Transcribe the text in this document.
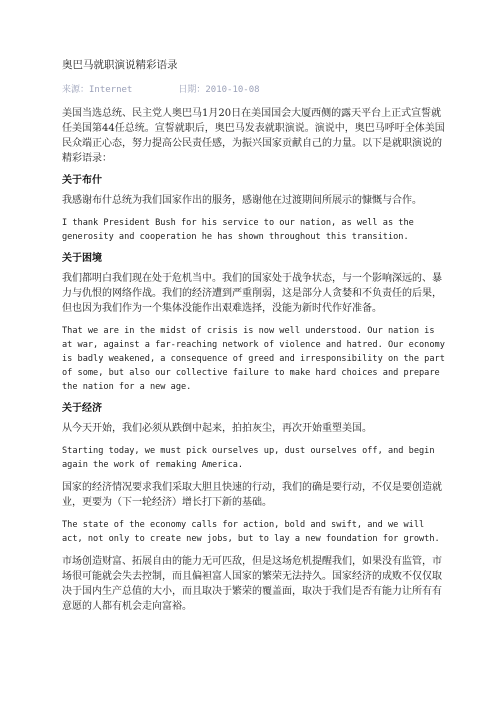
奥巴马就职演说精彩语录
来源：Internet	日期：2010-10-08

美国当选总统、民主党人奥巴马1月20日在美国国会大厦西侧的露天平台上正式宣誓就任美国第44任总统。宣誓就职后，奥巴马发表就职演说。演说中，奥巴马呼吁全体美国民众端正心态，努力提高公民责任感，为振兴国家贡献自己的力量。以下是就职演说的精彩语录：

关于布什

我感谢布什总统为我们国家作出的服务，感谢他在过渡期间所展示的慷慨与合作。

I thank President Bush for his service to our nation, as well as the generosity and cooperation he has shown throughout this transition.

关于困境

我们都明白我们现在处于危机当中。我们的国家处于战争状态，与一个影响深远的、暴力与仇恨的网络作战。我们的经济遭到严重削弱，这是部分人贪婪和不负责任的后果，但也因为我们作为一个集体没能作出艰难选择，没能为新时代作好准备。

That we are in the midst of crisis is now well understood. Our nation is at war, against a far-reaching network of violence and hatred. Our economy is badly weakened, a consequence of greed and irresponsibility on the part of some, but also our collective failure to make hard choices and prepare the nation for a new age.

关于经济

从今天开始，我们必须从跌倒中起来，拍拍灰尘，再次开始重塑美国。

Starting today, we must pick ourselves up, dust ourselves off, and begin again the work of remaking America.

国家的经济情况要求我们采取大胆且快速的行动，我们的确是要行动，不仅是要创造就业，更要为（下一轮经济）增长打下新的基础。

The state of the economy calls for action, bold and swift, and we will act, not only to create new jobs, but to lay a new foundation for growth.

市场创造财富、拓展自由的能力无可匹敌，但是这场危机提醒我们，如果没有监管，市场很可能就会失去控制，而且偏袒富人国家的繁荣无法持久。国家经济的成败不仅仅取决于国内生产总值的大小，而且取决于繁荣的覆盖面，取决于我们是否有能力让所有有意愿的人都有机会走向富裕。
